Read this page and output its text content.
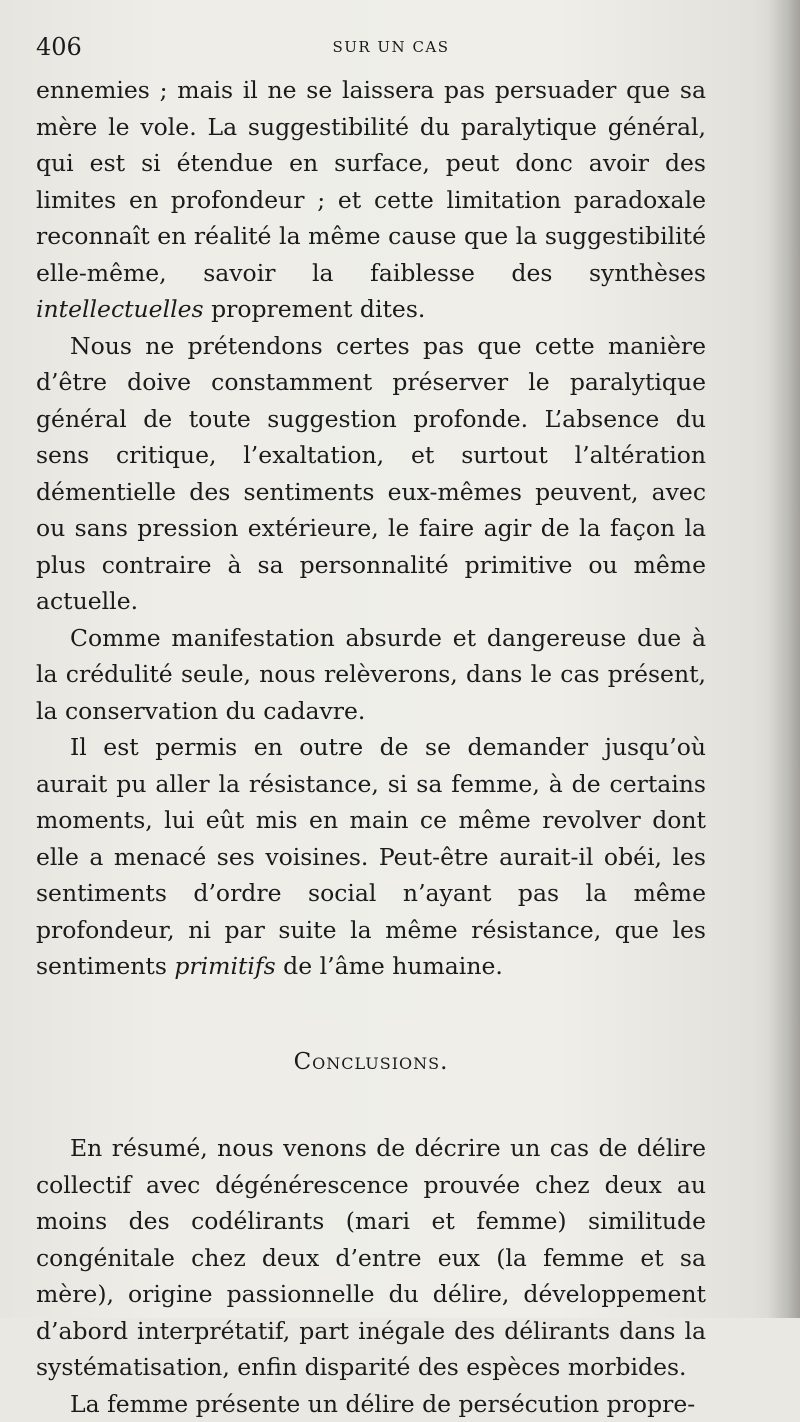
406	SUR UN CAS

ennemies ; mais il ne se laissera pas persuader que sa mère le vole. La suggestibilité du paralytique général, qui est si étendue en surface, peut donc avoir des limites en profondeur ; et cette limitation paradoxale reconnaît en réalité la même cause que la suggestibilité elle-même, savoir la faiblesse des synthèses intellectuelles proprement dites.

Nous ne prétendons certes pas que cette manière d’être doive constamment préserver le paralytique général de toute suggestion profonde. L’absence du sens critique, l’exaltation, et surtout l’altération démentielle des sentiments eux-mêmes peuvent, avec ou sans pression extérieure, le faire agir de la façon la plus contraire à sa personnalité primitive ou même actuelle.

Comme manifestation absurde et dangereuse due à la crédulité seule, nous relèverons, dans le cas présent, la conservation du cadavre.

Il est permis en outre de se demander jusqu’où aurait pu aller la résistance, si sa femme, à de certains moments, lui eût mis en main ce même revolver dont elle a menacé ses voisines. Peut-être aurait-il obéi, les sentiments d’ordre social n’ayant pas la même profondeur, ni par suite la même résistance, que les sentiments primitifs de l’âme humaine.

Conclusions.

En résumé, nous venons de décrire un cas de délire collectif avec dégénérescence prouvée chez deux au moins des codélirants (mari et femme) similitude congénitale chez deux d’entre eux (la femme et sa mère), origine passionnelle du délire, développement d’abord interprétatif, part inégale des délirants dans la systématisation, enfin disparité des espèces morbides.

La femme présente un délire de persécution propre-
